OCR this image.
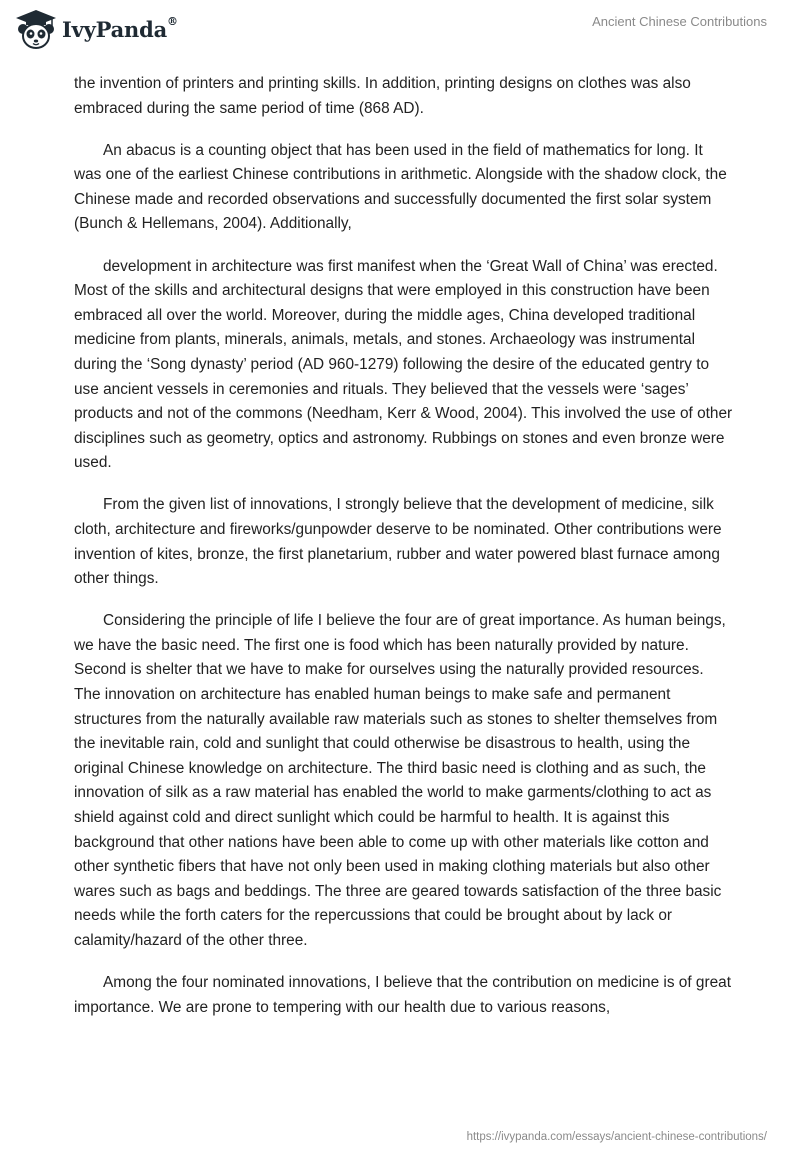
IvyPanda®	Ancient Chinese Contributions

the invention of printers and printing skills. In addition, printing designs on clothes was also embraced during the same period of time (868 AD).

An abacus is a counting object that has been used in the field of mathematics for long. It was one of the earliest Chinese contributions in arithmetic. Alongside with the shadow clock, the Chinese made and recorded observations and successfully documented the first solar system (Bunch & Hellemans, 2004). Additionally,

development in architecture was first manifest when the ‘Great Wall of China’ was erected. Most of the skills and architectural designs that were employed in this construction have been embraced all over the world. Moreover, during the middle ages, China developed traditional medicine from plants, minerals, animals, metals, and stones. Archaeology was instrumental during the ‘Song dynasty’ period (AD 960-1279) following the desire of the educated gentry to use ancient vessels in ceremonies and rituals. They believed that the vessels were ‘sages’ products and not of the commons (Needham, Kerr & Wood, 2004). This involved the use of other disciplines such as geometry, optics and astronomy. Rubbings on stones and even bronze were used.

From the given list of innovations, I strongly believe that the development of medicine, silk cloth, architecture and fireworks/gunpowder deserve to be nominated. Other contributions were invention of kites, bronze, the first planetarium, rubber and water powered blast furnace among other things.

Considering the principle of life I believe the four are of great importance. As human beings, we have the basic need. The first one is food which has been naturally provided by nature. Second is shelter that we have to make for ourselves using the naturally provided resources. The innovation on architecture has enabled human beings to make safe and permanent structures from the naturally available raw materials such as stones to shelter themselves from the inevitable rain, cold and sunlight that could otherwise be disastrous to health, using the original Chinese knowledge on architecture. The third basic need is clothing and as such, the innovation of silk as a raw material has enabled the world to make garments/clothing to act as shield against cold and direct sunlight which could be harmful to health. It is against this background that other nations have been able to come up with other materials like cotton and other synthetic fibers that have not only been used in making clothing materials but also other wares such as bags and beddings. The three are geared towards satisfaction of the three basic needs while the forth caters for the repercussions that could be brought about by lack or calamity/hazard of the other three.

Among the four nominated innovations, I believe that the contribution on medicine is of great importance. We are prone to tempering with our health due to various reasons,

https://ivypanda.com/essays/ancient-chinese-contributions/
